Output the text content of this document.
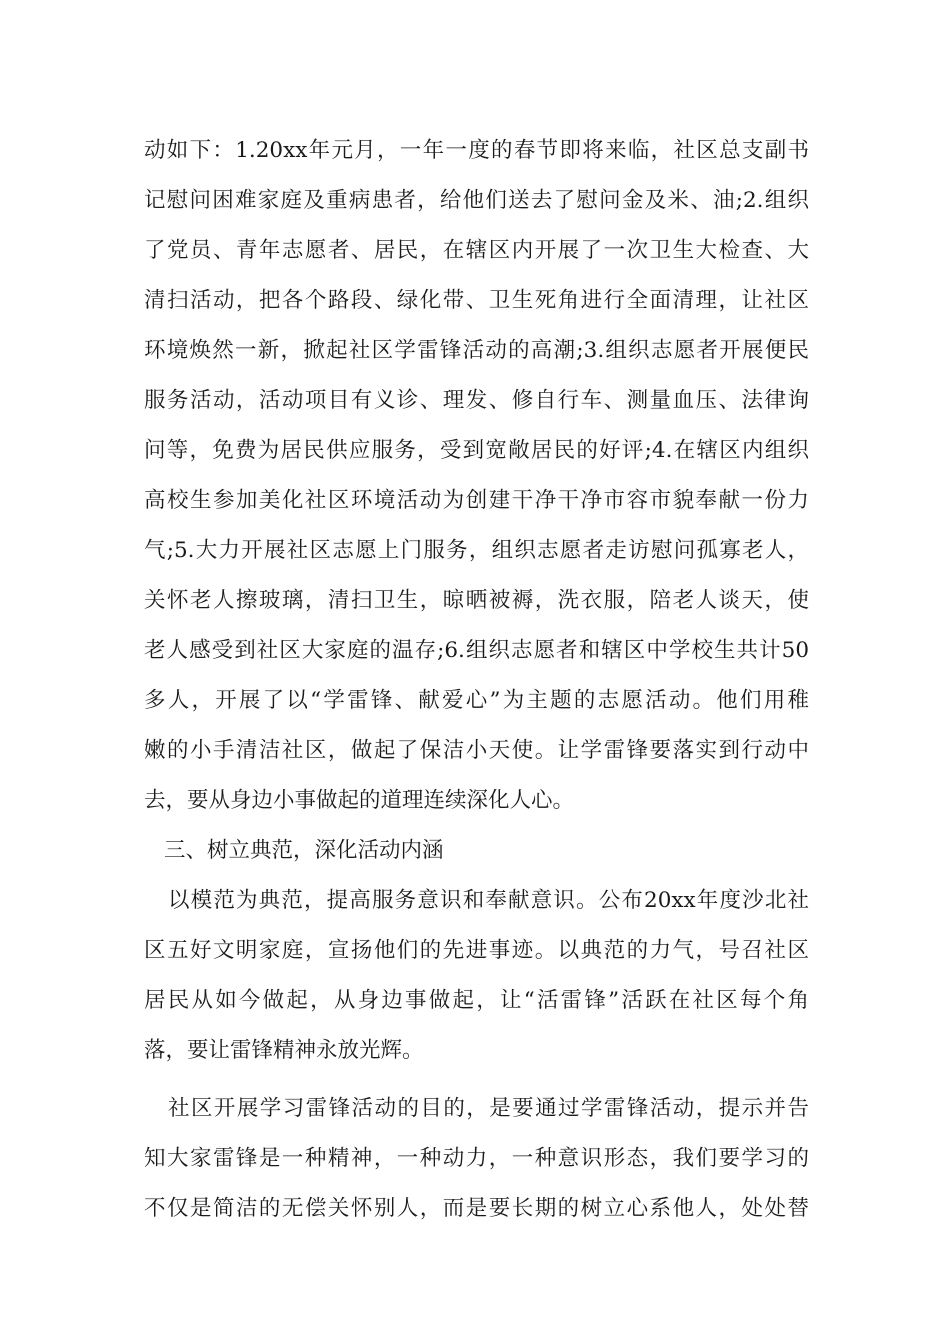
动如下：1.20xx年元月，一年一度的春节即将来临，社区总支副书
记慰问困难家庭及重病患者，给他们送去了慰问金及米、油;2.组织
了党员、青年志愿者、居民，在辖区内开展了一次卫生大检查、大
清扫活动，把各个路段、绿化带、卫生死角进行全面清理，让社区
环境焕然一新，掀起社区学雷锋活动的高潮;3.组织志愿者开展便民
服务活动，活动项目有义诊、理发、修自行车、测量血压、法律询
问等，免费为居民供应服务，受到宽敞居民的好评;4.在辖区内组织
高校生参加美化社区环境活动为创建干净干净市容市貌奉献一份力
气;5.大力开展社区志愿上门服务，组织志愿者走访慰问孤寡老人，
关怀老人擦玻璃，清扫卫生，晾晒被褥，洗衣服，陪老人谈天，使
老人感受到社区大家庭的温存;6.组织志愿者和辖区中学校生共计50
多人，开展了以“学雷锋、献爱心”为主题的志愿活动。他们用稚
嫩的小手清洁社区，做起了保洁小天使。让学雷锋要落实到行动中
去，要从身边小事做起的道理连续深化人心。
三、树立典范，深化活动内涵
以模范为典范，提高服务意识和奉献意识。公布20xx年度沙北社
区五好文明家庭，宣扬他们的先进事迹。以典范的力气，号召社区
居民从如今做起，从身边事做起，让“活雷锋”活跃在社区每个角
落，要让雷锋精神永放光辉。
社区开展学习雷锋活动的目的，是要通过学雷锋活动，提示并告
知大家雷锋是一种精神，一种动力，一种意识形态，我们要学习的
不仅是简洁的无偿关怀别人，而是要长期的树立心系他人，处处替
